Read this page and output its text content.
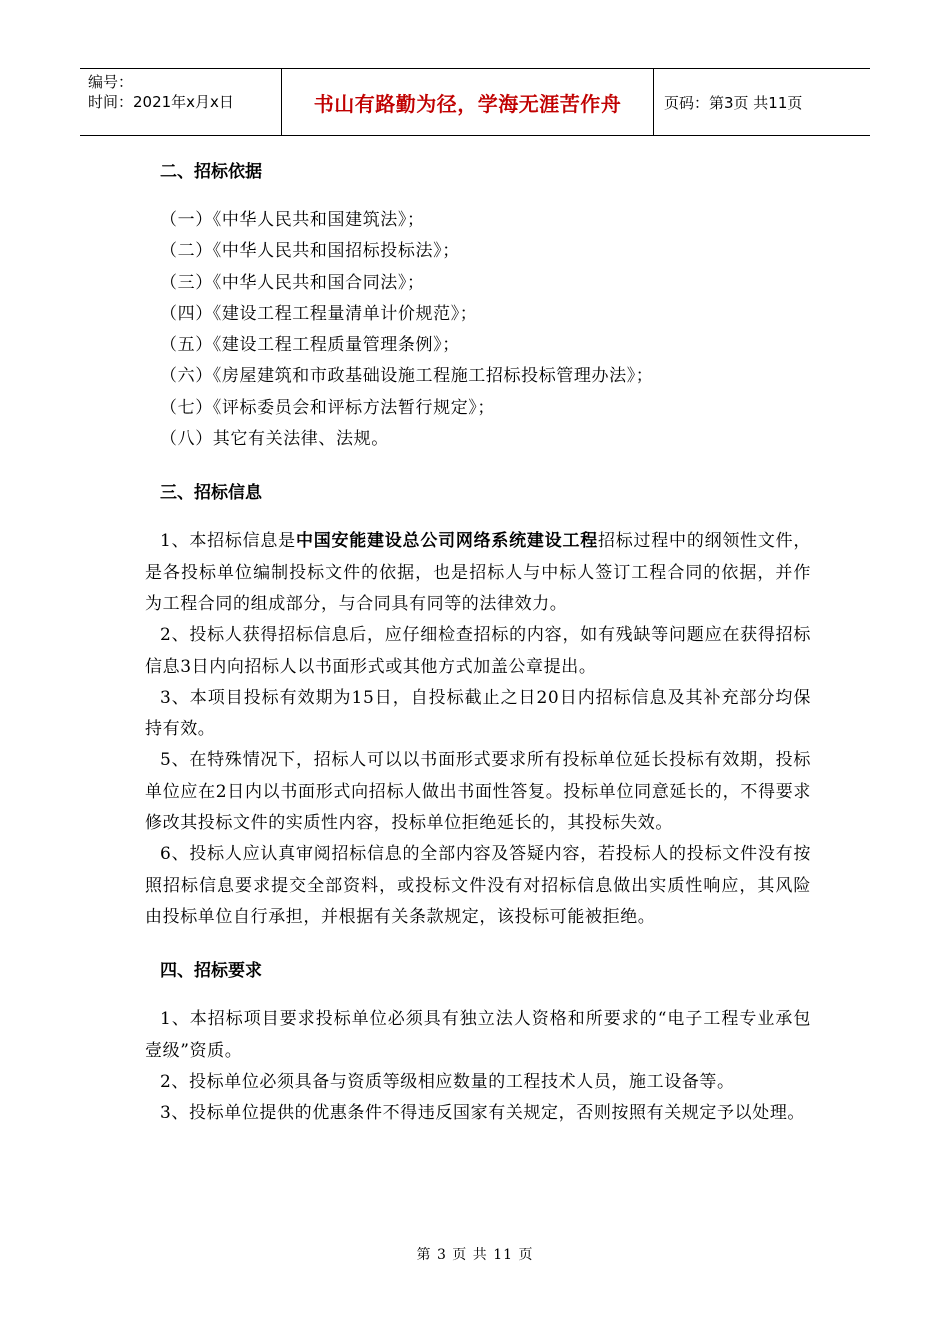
编号：
时间：2021年x月x日	书山有路勤为径，学海无涯苦作舟	页码：第3页 共11页
二、招标依据
（一）《中华人民共和国建筑法》；
（二）《中华人民共和国招标投标法》；
（三）《中华人民共和国合同法》；
（四）《建设工程工程量清单计价规范》；
（五）《建设工程工程质量管理条例》；
（六）《房屋建筑和市政基础设施工程施工招标投标管理办法》；
（七）《评标委员会和评标方法暂行规定》；
（八）其它有关法律、法规。
三、招标信息
1、本招标信息是中国安能建设总公司网络系统建设工程招标过程中的纲领性文件，是各投标单位编制投标文件的依据，也是招标人与中标人签订工程合同的依据，并作为工程合同的组成部分，与合同具有同等的法律效力。
2、投标人获得招标信息后，应仔细检查招标的内容，如有残缺等问题应在获得招标信息3日内向招标人以书面形式或其他方式加盖公章提出。
3、本项目投标有效期为15日，自投标截止之日20日内招标信息及其补充部分均保持有效。
5、在特殊情况下，招标人可以以书面形式要求所有投标单位延长投标有效期，投标单位应在2日内以书面形式向招标人做出书面性答复。投标单位同意延长的，不得要求修改其投标文件的实质性内容，投标单位拒绝延长的，其投标失效。
6、投标人应认真审阅招标信息的全部内容及答疑内容，若投标人的投标文件没有按照招标信息要求提交全部资料，或投标文件没有对招标信息做出实质性响应，其风险由投标单位自行承担，并根据有关条款规定，该投标可能被拒绝。
四、招标要求
1、本招标项目要求投标单位必须具有独立法人资格和所要求的“电子工程专业承包壹级”资质。
2、投标单位必须具备与资质等级相应数量的工程技术人员，施工设备等。
3、投标单位提供的优惠条件不得违反国家有关规定，否则按照有关规定予以处理。
第 3 页 共 11 页
